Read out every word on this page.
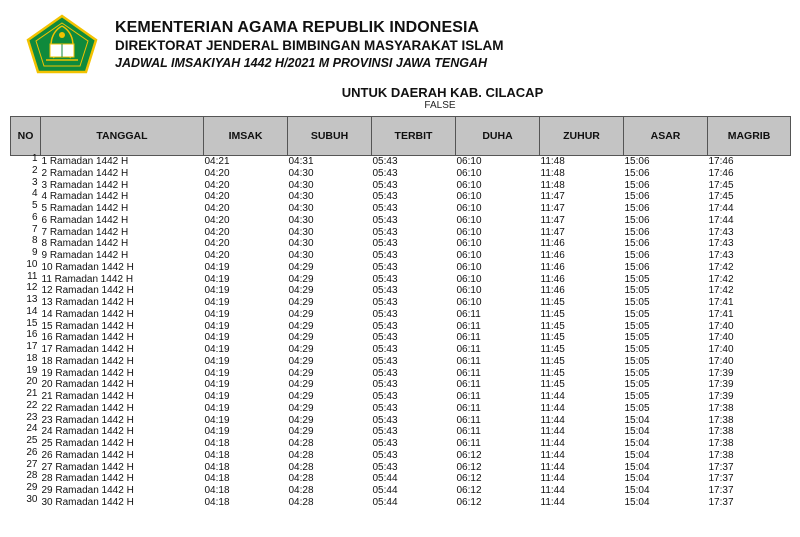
KEMENTERIAN AGAMA REPUBLIK INDONESIA
DIREKTORAT JENDERAL BIMBINGAN MASYARAKAT ISLAM
JADWAL IMSAKIYAH 1442 H/2021 M PROVINSI JAWA TENGAH
UNTUK DAERAH KAB. CILACAP
FALSE
NO	TANGGAL	IMSAK	SUBUH	TERBIT	DUHA	ZUHUR	ASAR	MAGRIB
1	1 Ramadan 1442 H	04:21	04:31	05:43	06:10	11:48	15:06	17:46
2	2 Ramadan 1442 H	04:20	04:30	05:43	06:10	11:48	15:06	17:46
3	3 Ramadan 1442 H	04:20	04:30	05:43	06:10	11:48	15:06	17:45
4	4 Ramadan 1442 H	04:20	04:30	05:43	06:10	11:47	15:06	17:45
5	5 Ramadan 1442 H	04:20	04:30	05:43	06:10	11:47	15:06	17:44
6	6 Ramadan 1442 H	04:20	04:30	05:43	06:10	11:47	15:06	17:44
7	7 Ramadan 1442 H	04:20	04:30	05:43	06:10	11:47	15:06	17:43
8	8 Ramadan 1442 H	04:20	04:30	05:43	06:10	11:46	15:06	17:43
9	9 Ramadan 1442 H	04:20	04:30	05:43	06:10	11:46	15:06	17:43
10	10 Ramadan 1442 H	04:19	04:29	05:43	06:10	11:46	15:06	17:42
11	11 Ramadan 1442 H	04:19	04:29	05:43	06:10	11:46	15:05	17:42
12	12 Ramadan 1442 H	04:19	04:29	05:43	06:10	11:46	15:05	17:42
13	13 Ramadan 1442 H	04:19	04:29	05:43	06:10	11:45	15:05	17:41
14	14 Ramadan 1442 H	04:19	04:29	05:43	06:11	11:45	15:05	17:41
15	15 Ramadan 1442 H	04:19	04:29	05:43	06:11	11:45	15:05	17:40
16	16 Ramadan 1442 H	04:19	04:29	05:43	06:11	11:45	15:05	17:40
17	17 Ramadan 1442 H	04:19	04:29	05:43	06:11	11:45	15:05	17:40
18	18 Ramadan 1442 H	04:19	04:29	05:43	06:11	11:45	15:05	17:40
19	19 Ramadan 1442 H	04:19	04:29	05:43	06:11	11:45	15:05	17:39
20	20 Ramadan 1442 H	04:19	04:29	05:43	06:11	11:45	15:05	17:39
21	21 Ramadan 1442 H	04:19	04:29	05:43	06:11	11:44	15:05	17:39
22	22 Ramadan 1442 H	04:19	04:29	05:43	06:11	11:44	15:05	17:38
23	23 Ramadan 1442 H	04:19	04:29	05:43	06:11	11:44	15:04	17:38
24	24 Ramadan 1442 H	04:19	04:29	05:43	06:11	11:44	15:04	17:38
25	25 Ramadan 1442 H	04:18	04:28	05:43	06:11	11:44	15:04	17:38
26	26 Ramadan 1442 H	04:18	04:28	05:43	06:12	11:44	15:04	17:38
27	27 Ramadan 1442 H	04:18	04:28	05:43	06:12	11:44	15:04	17:37
28	28 Ramadan 1442 H	04:18	04:28	05:44	06:12	11:44	15:04	17:37
29	29 Ramadan 1442 H	04:18	04:28	05:44	06:12	11:44	15:04	17:37
30	30 Ramadan 1442 H	04:18	04:28	05:44	06:12	11:44	15:04	17:37
